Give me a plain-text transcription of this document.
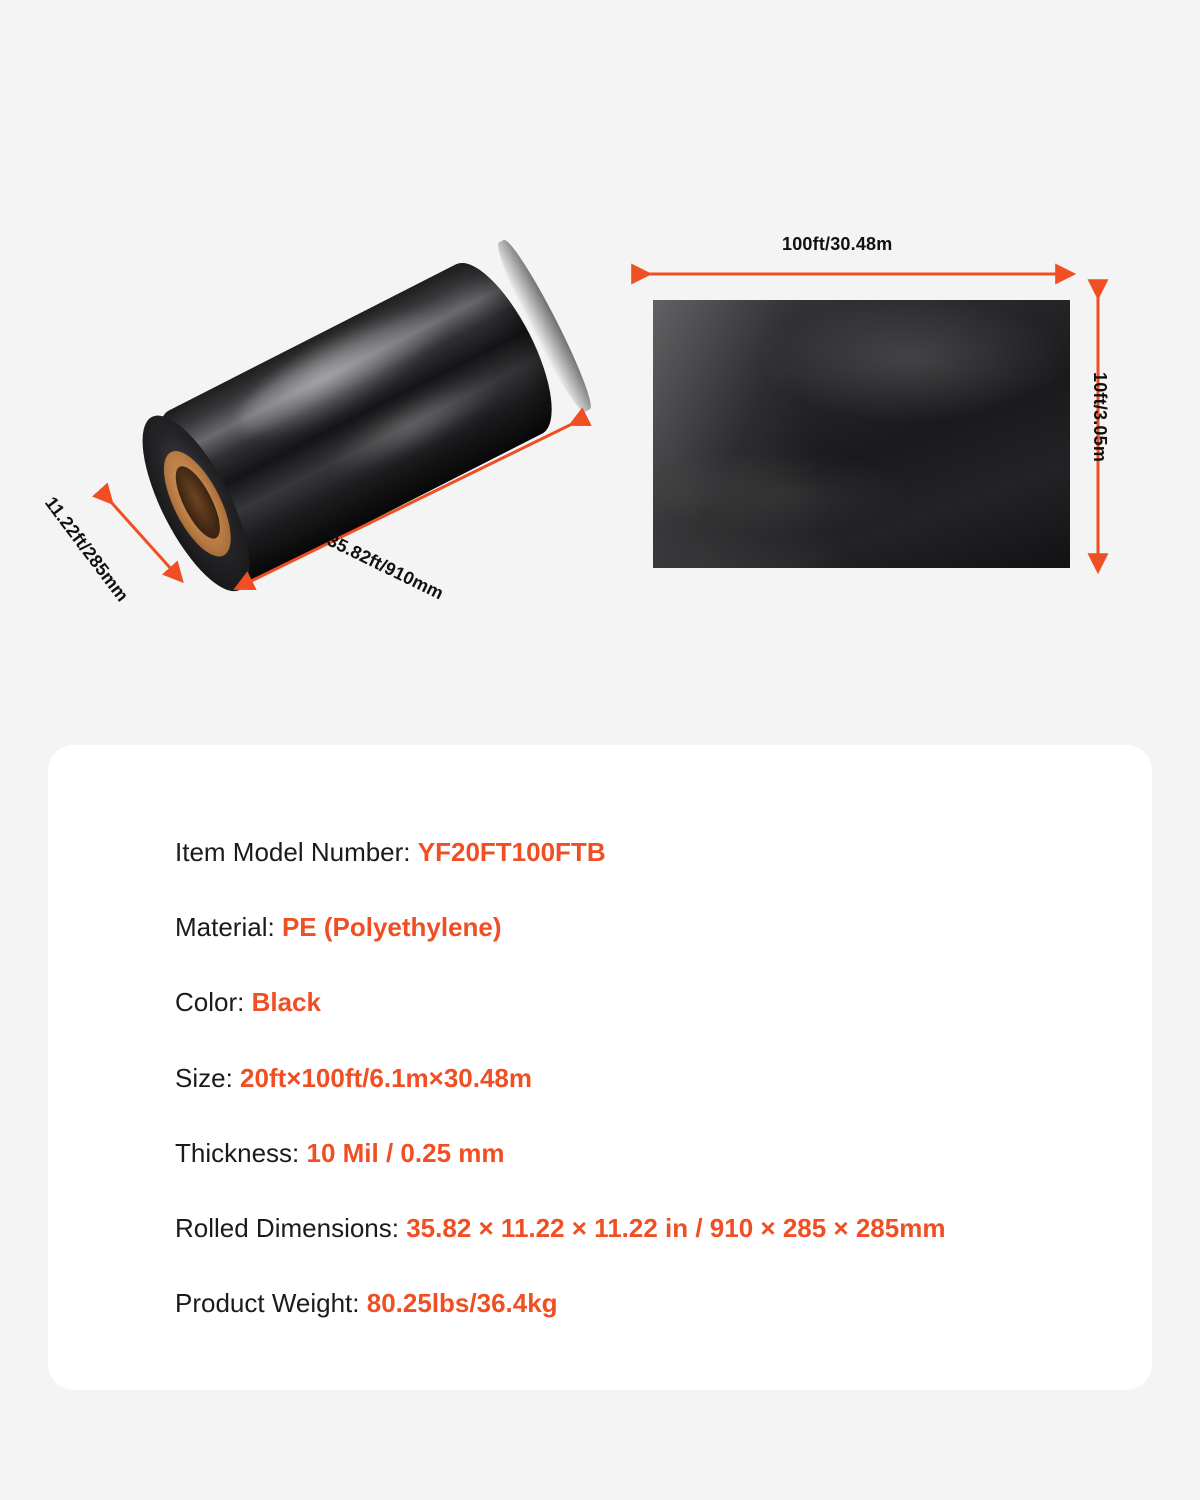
100ft/30.48m
10ft/3.05m
35.82ft/910mm
11.22ft/285mm
Item Model Number: YF20FT100FTB
Material: PE (Polyethylene)
Color: Black
Size: 20ft×100ft/6.1m×30.48m
Thickness: 10 Mil / 0.25 mm
Rolled Dimensions: 35.82 × 11.22 × 11.22 in / 910 × 285 × 285mm
Product Weight: 80.25lbs/36.4kg
